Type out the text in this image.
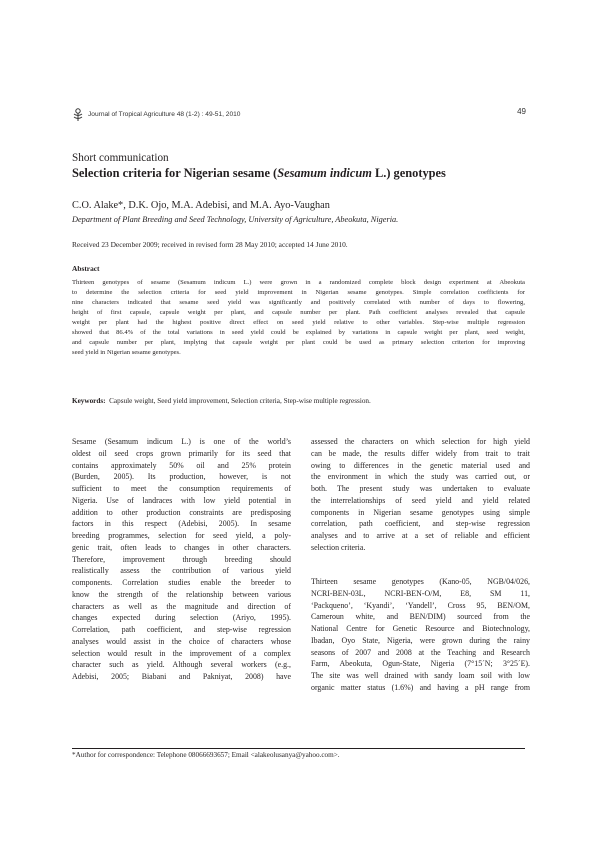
Journal of Tropical Agriculture 48 (1-2) : 49-51, 2010	49
Short communication
Selection criteria for Nigerian sesame (Sesamum indicum L.) genotypes
C.O. Alake*, D.K. Ojo, M.A. Adebisi, and M.A. Ayo-Vaughan
Department of Plant Breeding and Seed Technology, University of Agriculture, Abeokuta, Nigeria.
Received 23 December 2009; received in revised form 28 May 2010; accepted 14 June 2010.
Abstract
Thirteen genotypes of sesame (Sesamum indicum L.) were grown in a randomized complete block design experiment at Abeokuta
to determine the selection criteria for seed yield improvement in Nigerian sesame genotypes. Simple correlation coefficients for
nine characters indicated that sesame seed yield was significantly and positively correlated with number of days to flowering,
height of first capsule, capsule weight per plant, and capsule number per plant. Path coefficient analyses revealed that capsule
weight per plant had the highest positive direct effect on seed yield relative to other variables. Step-wise multiple regression
showed that 86.4% of the total variations in seed yield could be explained by variations in capsule weight per plant, seed weight,
and capsule number per plant, implying that capsule weight per plant could be used as primary selection criterion for improving
seed yield in Nigerian sesame genotypes.
Keywords: Capsule weight, Seed yield improvement, Selection criteria, Step-wise multiple regression.
Sesame (Sesamum indicum L.) is one of the world’s
oldest oil seed crops grown primarily for its seed that
contains approximately 50% oil and 25% protein
(Burden, 2005). Its production, however, is not
sufficient to meet the consumption requirements of
Nigeria. Use of landraces with low yield potential in
addition to other production constraints are predisposing
factors in this respect (Adebisi, 2005). In sesame
breeding programmes, selection for seed yield, a poly-
genic trait, often leads to changes in other characters.
Therefore, improvement through breeding should
realistically assess the contribution of various yield
components. Correlation studies enable the breeder to
know the strength of the relationship between various
characters as well as the magnitude and direction of
changes expected during selection (Ariyo, 1995).
Correlation, path coefficient, and step-wise regression
analyses would assist in the choice of characters whose
selection would result in the improvement of a complex
character such as yield. Although several workers (e.g.,
Adebisi, 2005; Biabani and Pakniyat, 2008) have
assessed the characters on which selection for high yield
can be made, the results differ widely from trait to trait
owing to differences in the genetic material used and
the environment in which the study was carried out, or
both. The present study was undertaken to evaluate
the interrelationships of seed yield and yield related
components in Nigerian sesame genotypes using simple
correlation, path coefficient, and step-wise regression
analyses and to arrive at a set of reliable and efficient
selection criteria.
Thirteen sesame genotypes (Kano-05, NGB/04/026,
NCRI-BEN-03L, NCRI-BEN-O/M, E8, SM 11,
‘Packqueno’, ‘Kyandi’, ‘Yandell’, Cross 95, BEN/OM,
Cameroun white, and BEN/DIM) sourced from the
National Centre for Genetic Resource and Biotechnology,
Ibadan, Oyo State, Nigeria, were grown during the rainy
seasons of 2007 and 2008 at the Teaching and Research
Farm, Abeokuta, Ogun-State, Nigeria (7°15´N; 3°25´E).
The site was well drained with sandy loam soil with low
organic matter status (1.6%) and having a pH range from
*Author for correspondence: Telephone 08066693657; Email <alakeolusanya@yahoo.com>.
